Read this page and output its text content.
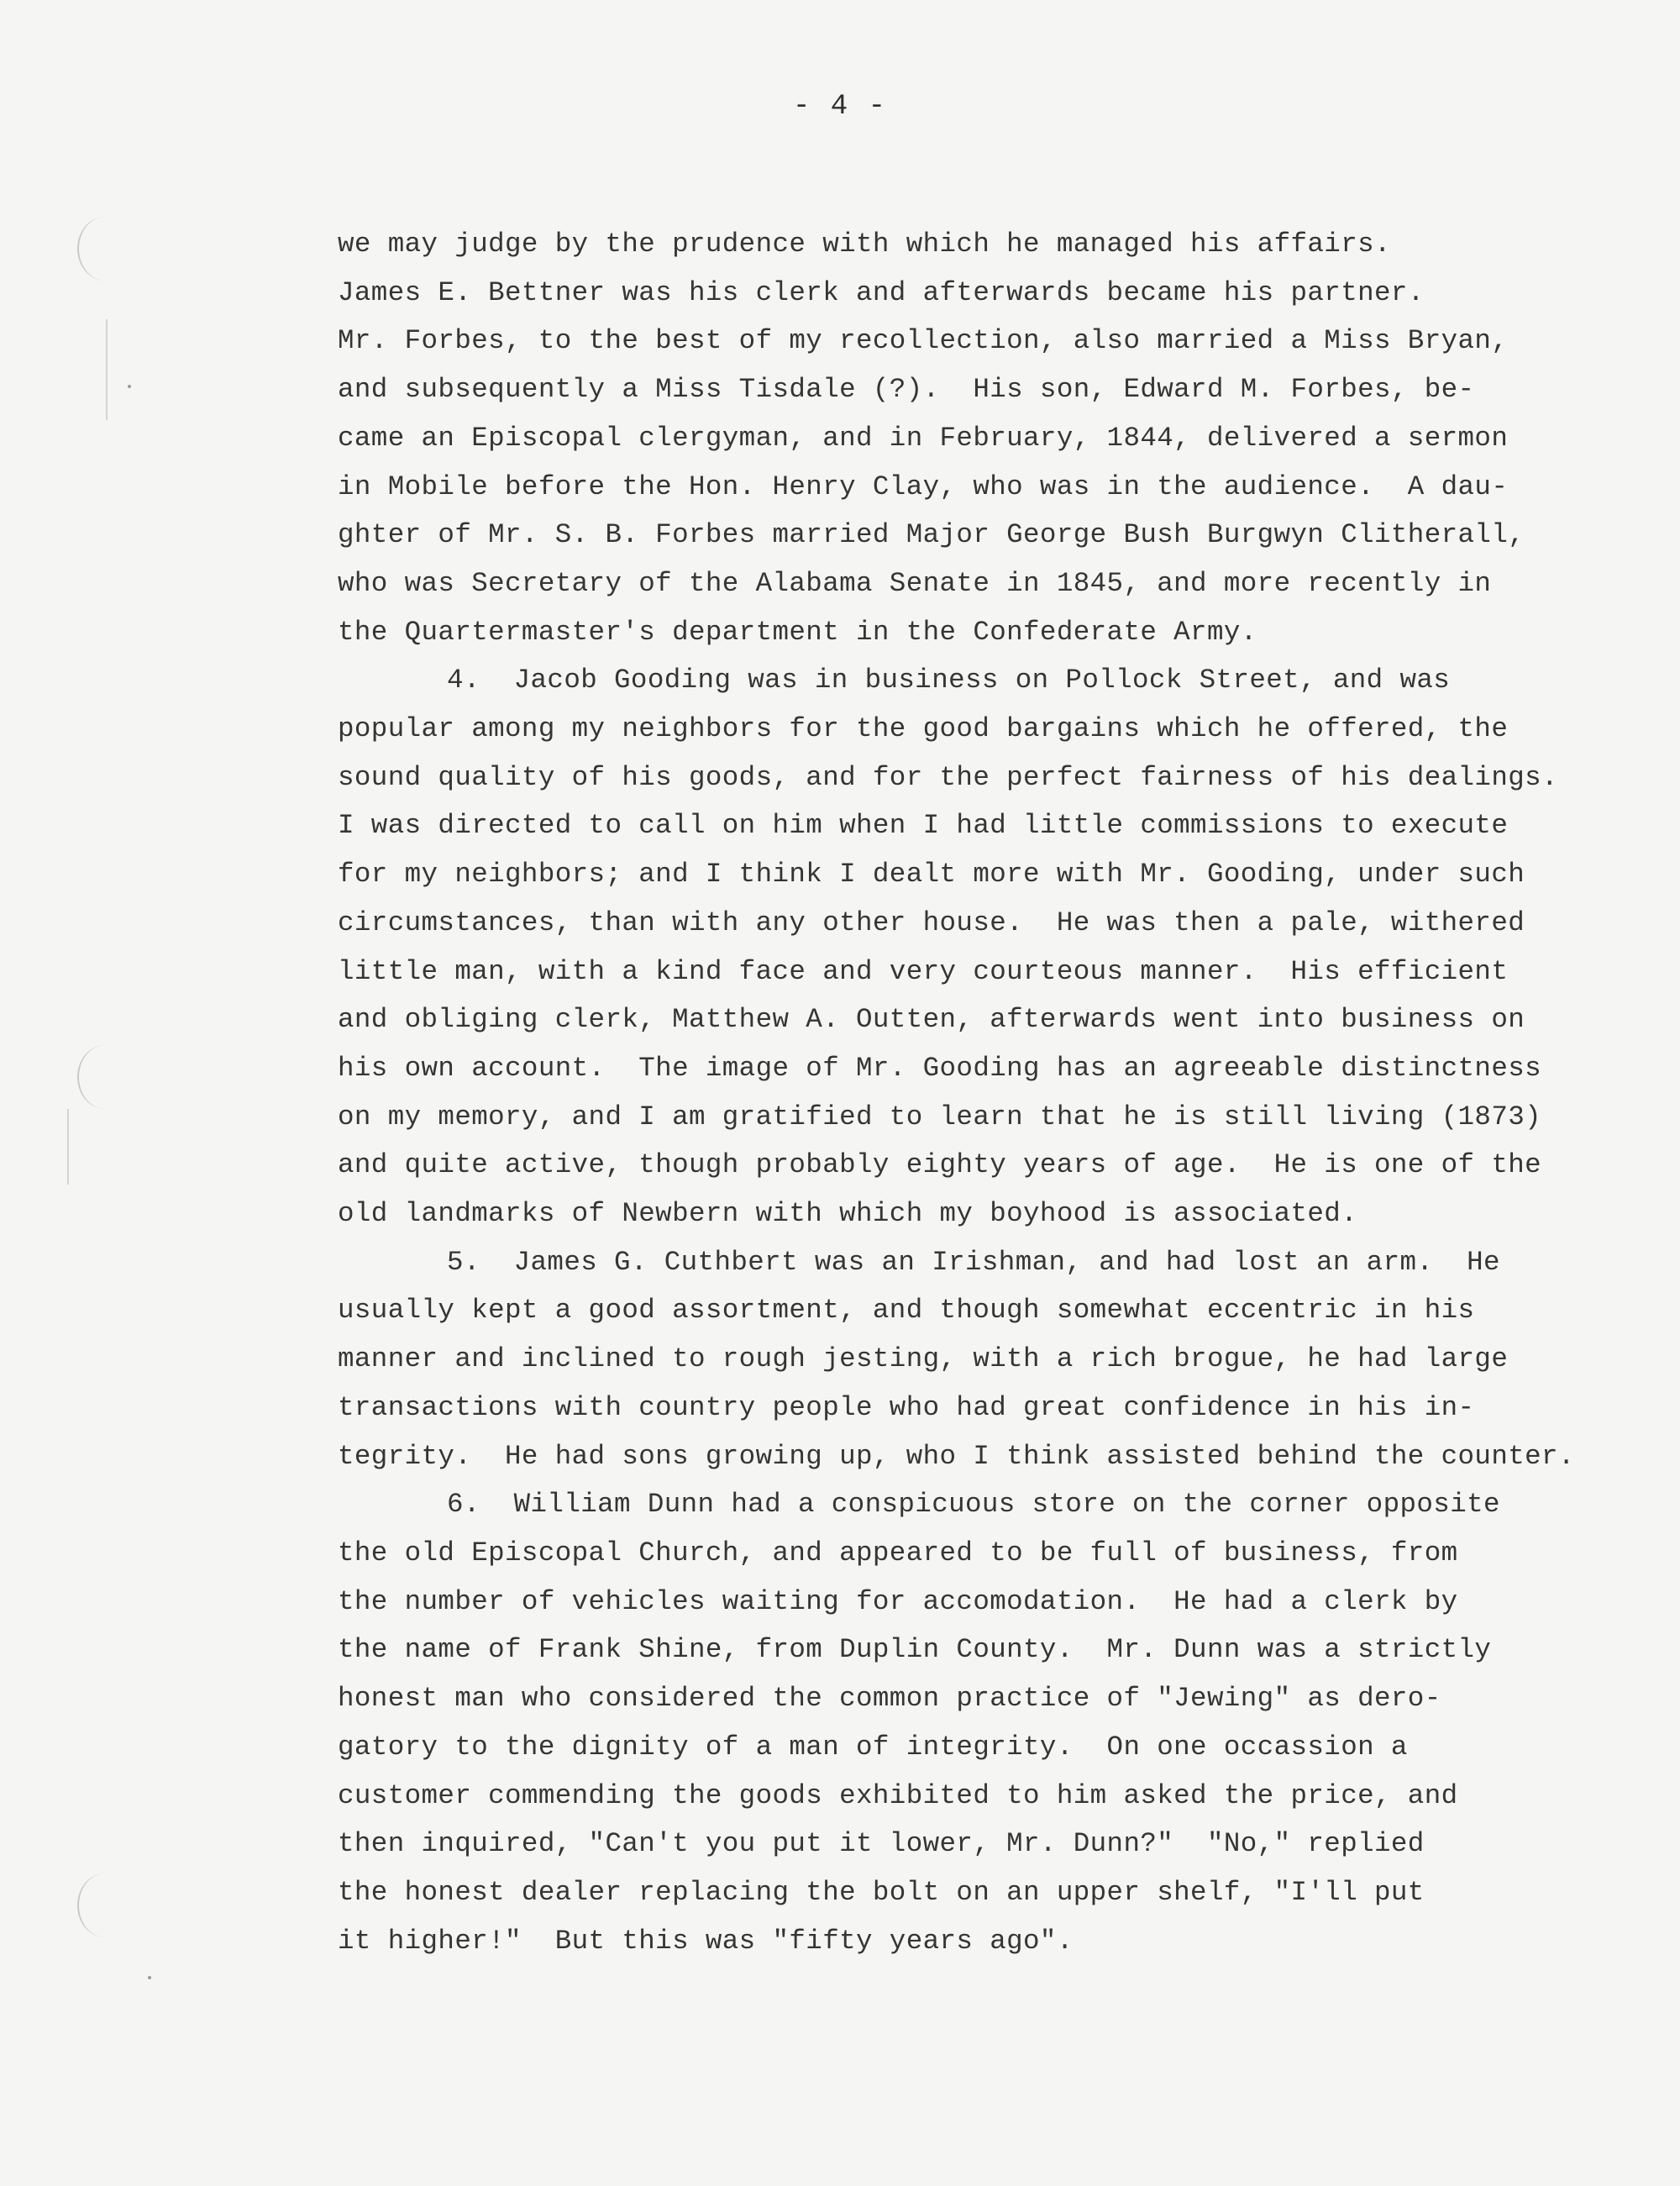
- 4 -
we may judge by the prudence with which he managed his affairs.
James E. Bettner was his clerk and afterwards became his partner.
Mr. Forbes, to the best of my recollection, also married a Miss Bryan,
and subsequently a Miss Tisdale (?).  His son, Edward M. Forbes, be-
came an Episcopal clergyman, and in February, 1844, delivered a sermon
in Mobile before the Hon. Henry Clay, who was in the audience.  A dau-
ghter of Mr. S. B. Forbes married Major George Bush Burgwyn Clitherall,
who was Secretary of the Alabama Senate in 1845, and more recently in
the Quartermaster's department in the Confederate Army.
4.  Jacob Gooding was in business on Pollock Street, and was
popular among my neighbors for the good bargains which he offered, the
sound quality of his goods, and for the perfect fairness of his dealings.
I was directed to call on him when I had little commissions to execute
for my neighbors; and I think I dealt more with Mr. Gooding, under such
circumstances, than with any other house.  He was then a pale, withered
little man, with a kind face and very courteous manner.  His efficient
and obliging clerk, Matthew A. Outten, afterwards went into business on
his own account.  The image of Mr. Gooding has an agreeable distinctness
on my memory, and I am gratified to learn that he is still living (1873)
and quite active, though probably eighty years of age.  He is one of the
old landmarks of Newbern with which my boyhood is associated.
5.  James G. Cuthbert was an Irishman, and had lost an arm.  He
usually kept a good assortment, and though somewhat eccentric in his
manner and inclined to rough jesting, with a rich brogue, he had large
transactions with country people who had great confidence in his in-
tegrity.  He had sons growing up, who I think assisted behind the counter.
6.  William Dunn had a conspicuous store on the corner opposite
the old Episcopal Church, and appeared to be full of business, from
the number of vehicles waiting for accomodation.  He had a clerk by
the name of Frank Shine, from Duplin County.  Mr. Dunn was a strictly
honest man who considered the common practice of "Jewing" as dero-
gatory to the dignity of a man of integrity.  On one occassion a
customer commending the goods exhibited to him asked the price, and
then inquired, "Can't you put it lower, Mr. Dunn?"  "No," replied
the honest dealer replacing the bolt on an upper shelf, "I'll put
it higher!"  But this was "fifty years ago".
